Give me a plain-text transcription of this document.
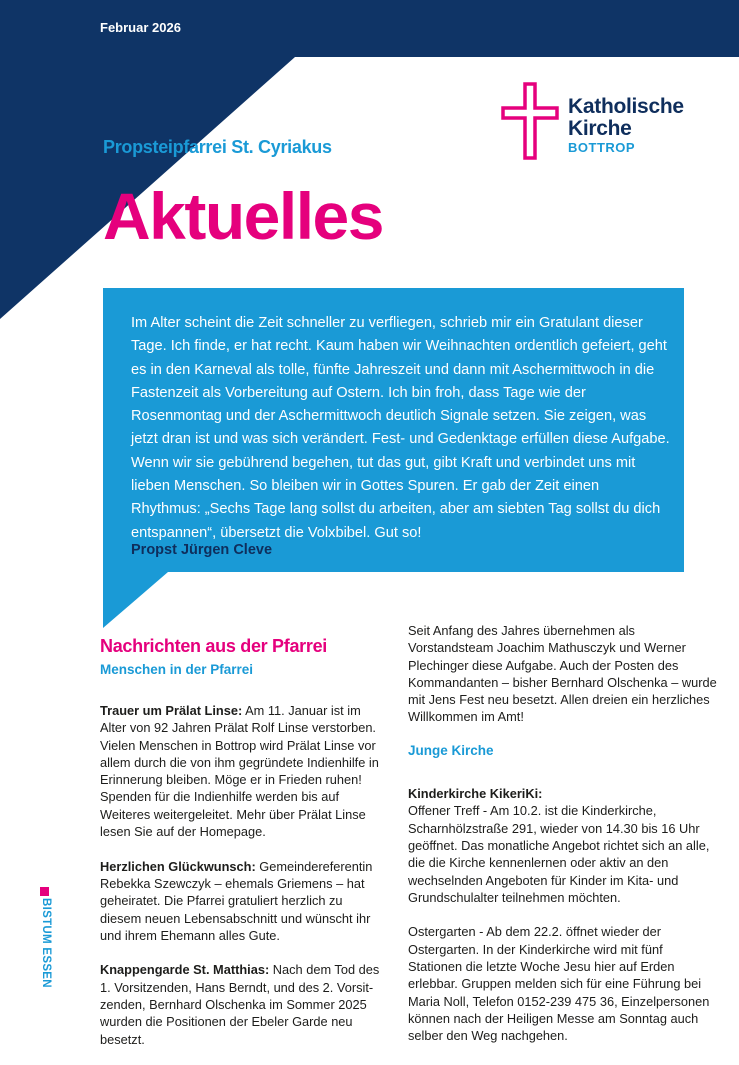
Februar 2026
Katholische
Kirche
BOTTROP
Propsteipfarrei St. Cyriakus
Aktuelles
Im Alter scheint die Zeit schneller zu verfliegen, schrieb mir ein Gratulant dieser Tage. Ich finde, er hat recht. Kaum haben wir Weihnachten ordentlich gefeiert, geht es in den Karneval als tolle, fünfte Jahreszeit und dann mit Aschermittwoch in die Fastenzeit als Vorbereitung auf Ostern. Ich bin froh, dass Tage wie der Rosenmontag und der Aschermittwoch deutlich Signale setzen. Sie zeigen, was jetzt dran ist und was sich verändert. Fest- und Gedenktage erfüllen diese Aufgabe. Wenn wir sie gebührend begehen, tut das gut, gibt Kraft und verbindet uns mit lieben Menschen. So bleiben wir in Gottes Spuren. Er gab der Zeit einen Rhythmus: „Sechs Tage lang sollst du arbeiten, aber am siebten Tag sollst du dich entspannen“, übersetzt die Volxbibel. Gut so!
Propst Jürgen Cleve
Nachrichten aus der Pfarrei
Menschen in der Pfarrei

Trauer um Prälat Linse: Am 11. Januar ist im Alter von 92 Jahren Prälat Rolf Linse verstorben. Vielen Menschen in Bottrop wird Prälat Linse vor allem durch die von ihm gegründete Indienhilfe in Erinnerung bleiben. Möge er in Frieden ruhen! Spenden für die Indienhilfe werden bis auf Weiteres weitergeleitet. Mehr über Prälat Linse lesen Sie auf der Homepage.

Herzlichen Glückwunsch: Gemeindereferentin Rebekka Szewczyk – ehemals Griemens – hat geheiratet. Die Pfarrei gratuliert herzlich zu diesem neuen Lebensabschnitt und wünscht ihr und ihrem Ehemann alles Gute.

Knappengarde St. Matthias: Nach dem Tod des 1. Vorsitzenden, Hans Berndt, und des 2. Vorsitzenden, Bernhard Olschenka im Sommer 2025 wurden die Positionen der Ebeler Garde neu besetzt.

Seit Anfang des Jahres übernehmen als Vorstandsteam Joachim Mathusczyk und Werner Plechinger diese Aufgabe. Auch der Posten des Kommandanten – bisher Bernhard Olschenka – wurde mit Jens Fest neu besetzt. Allen dreien ein herzliches Willkommen im Amt!

Junge Kirche

Kinderkirche KikeriKi:
Offener Treff - Am 10.2. ist die Kinderkirche, Scharnhölzstraße 291, wieder von 14.30 bis 16 Uhr geöffnet. Das monatliche Angebot richtet sich an alle, die die Kirche kennenlernen oder aktiv an den wechselnden Angeboten für Kinder im Kita- und Grundschulalter teilnehmen möchten.

Ostergarten - Ab dem 22.2. öffnet wieder der Ostergarten. In der Kinderkirche wird mit fünf Stationen die letzte Woche Jesu hier auf Erden erlebbar. Gruppen melden sich für eine Führung bei Maria Noll, Telefon 0152-239 475 36, Einzelpersonen können nach der Heiligen Messe am Sonntag auch selber den Weg nachgehen.

BISTUM ESSEN
